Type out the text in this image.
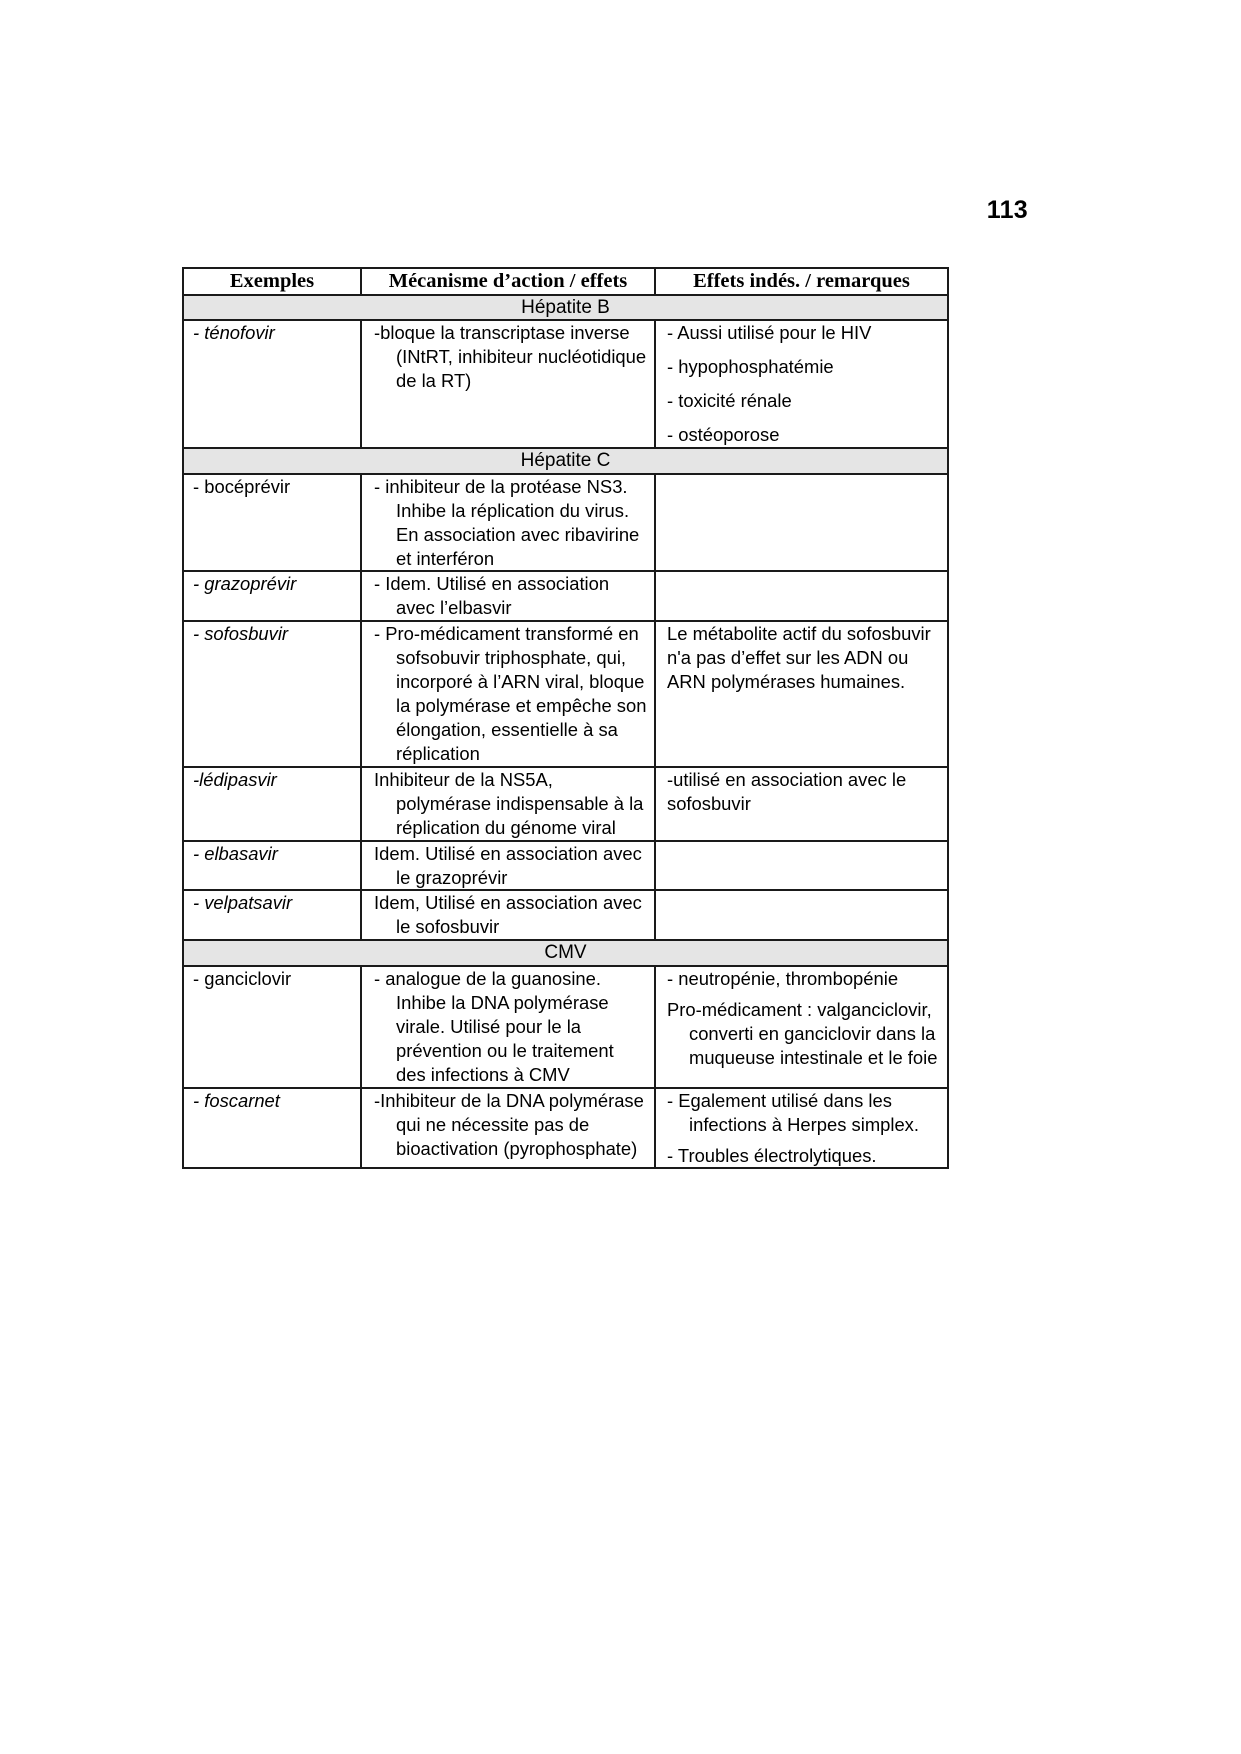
113
Exemples	Mécanisme d’action / effets	Effets indés. / remarques
Hépatite B		

- ténofovir	-bloque la transcriptase inverse (INtRT, inhibiteur nucléotidique de la RT)	- Aussi utilisé pour le HIV
- hypophosphatémie
- toxicité rénale
- ostéoporose

Hépatite C		

- bocéprévir	- inhibiteur de la protéase NS3. Inhibe la réplication du virus. En association avec ribavirine et interféron	

- grazoprévir	- Idem. Utilisé en association avec l’elbasvir	

- sofosbuvir	- Pro-médicament transformé en sofsobuvir triphosphate, qui, incorporé à l’ARN viral, bloque la polymérase et empêche son élongation, essentielle à sa réplication	Le métabolite actif du sofosbuvir n'a pas d’effet sur les ADN ou ARN polymérases humaines.

-lédipasvir	Inhibiteur de la NS5A, polymérase indispensable à la réplication du génome viral	-utilisé en association avec le sofosbuvir

- elbasavir	Idem. Utilisé en association avec le grazoprévir	

- velpatsavir	Idem, Utilisé en association avec le sofosbuvir	

CMV		

- ganciclovir	- analogue de la guanosine. Inhibe la DNA polymérase virale. Utilisé pour le la prévention ou le traitement des infections à CMV	- neutropénie, thrombopénie
Pro-médicament : valganciclovir, converti en ganciclovir dans la muqueuse intestinale et le foie

- foscarnet	-Inhibiteur de la DNA polymérase qui ne nécessite pas de bioactivation (pyrophosphate)	- Egalement utilisé dans les infections à Herpes simplex.
- Troubles électrolytiques.
